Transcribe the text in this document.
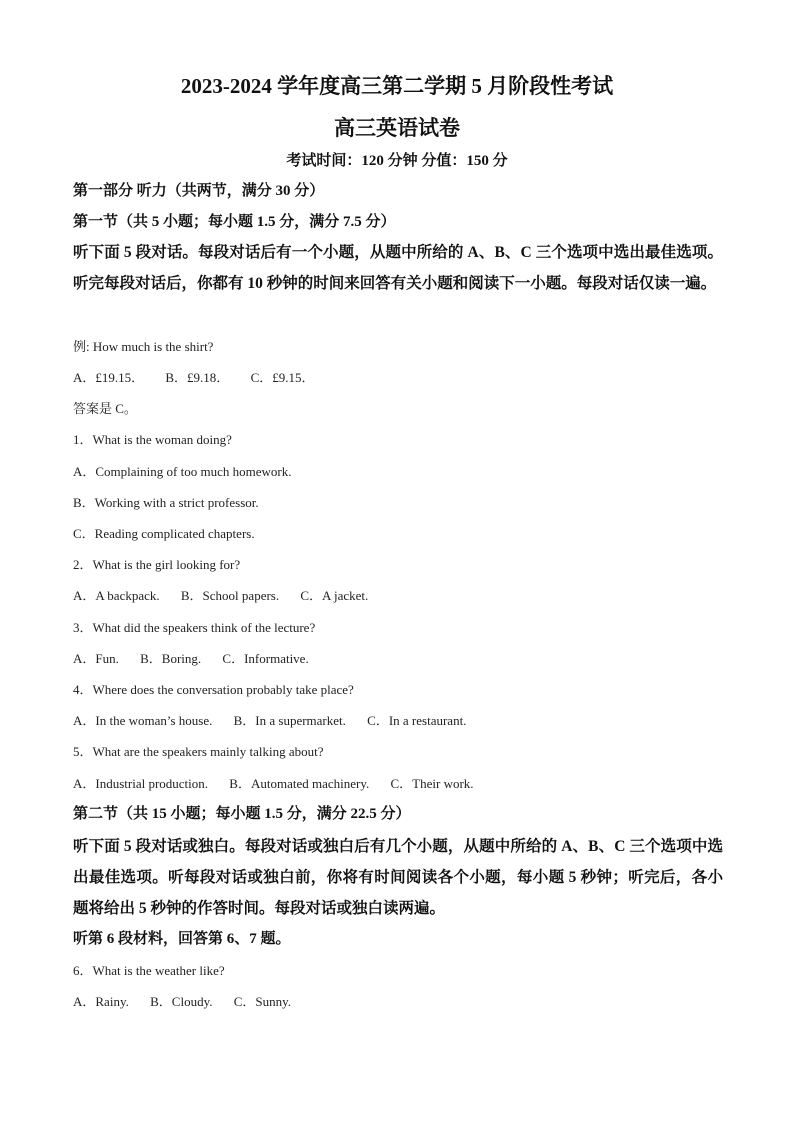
2023-2024 学年度高三第二学期 5 月阶段性考试
高三英语试卷
考试时间：120 分钟 分值：150 分
第一部分 听力（共两节，满分 30 分）
第一节（共 5 小题；每小题 1.5 分，满分 7.5 分）
听下面 5 段对话。每段对话后有一个小题，从题中所给的 A、B、C 三个选项中选出最佳选项。听完每段对话后，你都有 10 秒钟的时间来回答有关小题和阅读下一小题。每段对话仅读一遍。
例: How much is the shirt?
A．£19.15． B．£9.18． C．£9.15．
答案是 C。
1．What is the woman doing?
A．Complaining of too much homework.
B．Working with a strict professor.
C．Reading complicated chapters.
2．What is the girl looking for?
A．A backpack. B．School papers. C．A jacket.
3．What did the speakers think of the lecture?
A．Fun. B．Boring. C．Informative.
4．Where does the conversation probably take place?
A．In the woman’s house. B．In a supermarket. C．In a restaurant.
5．What are the speakers mainly talking about?
A．Industrial production. B．Automated machinery. C．Their work.
第二节（共 15 小题；每小题 1.5 分，满分 22.5 分）
听下面 5 段对话或独白。每段对话或独白后有几个小题，从题中所给的 A、B、C 三个选项中选出最佳选项。听每段对话或独白前，你将有时间阅读各个小题，每小题 5 秒钟；听完后，各小题将给出 5 秒钟的作答时间。每段对话或独白读两遍。
听第 6 段材料，回答第 6、7 题。
6．What is the weather like?
A．Rainy. B．Cloudy. C．Sunny.
